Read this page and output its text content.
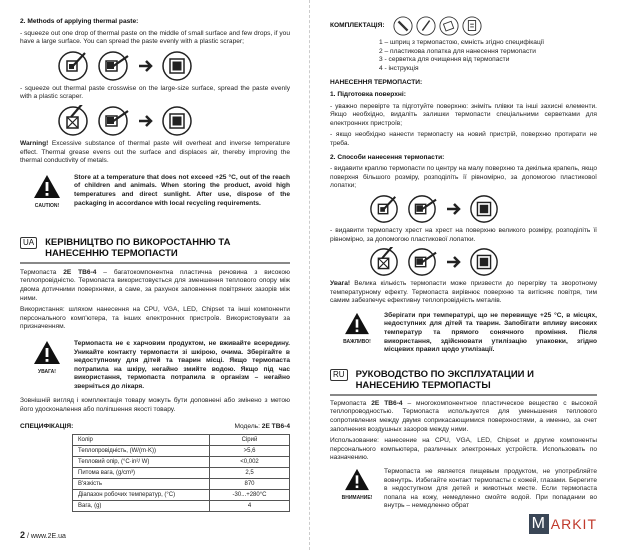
2. Methods of applying thermal paste:
- squeeze out one drop of thermal paste on the middle of small surface and few drops, if you have a large surface. You can spread the paste evenly with a plastic scraper;
- squeeze out thermal paste crosswise on the large-size surface, spread the paste evenly with a plastic scraper.
Warning! Excessive substance of thermal paste will overheat and inverse temperature effect. Thermal grease evens out the surface and displaces air, thereby improving the thermal conductivity of metals.
CAUTION!
Store at a temperature that does not exceed +25 °C, out of the reach of children and animals. When storing the product, avoid high temperatures and direct sunlight. After use, dispose of the packaging in accordance with local recycling requirements.
UA	КЕРІВНИЦТВО ПО ВИКОРОСТАННЮ ТА
НАНЕСЕННЮ ТЕРМОПАСТИ
Термопаста 2E TB6-4 – багатокомпонентна пластична речовина з високою теплопровідністю. Термопаста використовується для зменшення теплового опору між двома дотичними поверхнями, а саме, за рахунок заповнення повітряних зазорів між ними.
Використання: шляхом нанесення на CPU, VGA, LED, Chipset та інші компоненти персонального комп'ютера, та інших електронних пристроїв. Використовувати за призначенням.
УВАГА!
Термопаста не є харчовим продуктом, не вживайте всередину. Уникайте контакту термопасти зі шкірою, очима. Зберігайте в недоступному для дітей та тварин місці. Якщо термопаста потрапила на шкіру, негайно змийте водою. Якщо під час використання, термопаста потрапила в організм – негайно зверніться до лікаря.
Зовнішній вигляд і комплектація товару можуть бути доповнені або змінено з метою його удосконалення або поліпшення якості товару.
СПЕЦИФІКАЦІЯ:	Модель: 2E TB6-4
Колір	Сірий
Теплопровідність, (W/(m·K))	>5,6
Тепловий опір, (°C·in²/ W)	<0,002
Питома вага, (g/cm³)	2,5
В'язкість	870
Діапазон робочих температур, (°C)	-30...+280°C
Вага, (g)	4
2 / www.2E.ua
КОМПЛЕКТАЦІЯ:
1 – шприц з термопастою, ємність згідно специфікації
2 – пластикова лопатка для нанесення термопасти
3 - серветка для очищення від термопасти
4 - інструкція
НАНЕСЕННЯ ТЕРМОПАСТИ:
1. Підготовка поверхні:
- уважно перевірте та підготуйте поверхню: зніміть плівки та інші захисні елементи. Якщо необхідно, видаліть залишки термопасти спеціальними серветками для електронних пристроїв;
- якщо необхідно нанести термопасту на новий пристрій, поверхню протирати не треба.
2. Способи нанесення термопасти:
- видавити краплю термопасти по центру на малу поверхню та декілька крапель, якщо поверхня більшого розміру, розподіліть її рівномірно, за допомогою пластикової лопатки;
- видавити термопасту хрест на хрест на поверхню великого розміру, розподіліть її рівномірно, за допомогою пластикової лопатки.
Увага! Велика кількість термопасти може призвести до перегріву та зворотному температурному ефекту. Термопаста вирівнює поверхню та витісняє повітря, тим самим забезпечує ефективну теплопровідність металів.
ВАЖЛИВО!
Зберігати при температурі, що не перевищує +25 °C, в місцях, недоступних для дітей та тварин. Запобігати впливу високих температур та прямого сонячного проміння. Після використання, здійснювати утилізацію упаковки, згідно місцевих правил щодо утилізації.
RU	РУКОВОДСТВО ПО ЭКСПЛУАТАЦИИ И
НАНЕСЕНИЮ ТЕРМОПАСТЫ
Термопаста 2E TB6-4 – многокомпонентное пластическое вещество с высокой теплопроводностью. Термопаста используется для уменьшения теплового сопротивления между двумя соприкасающимися поверхностями, а именно, за счет заполнения воздушных зазоров между ними.
Использование: нанесение на CPU, VGA, LED, Chipset и другие компоненты персонального компьютера, различных электронных устройств. Использовать по назначению.
ВНИМАНИЕ!
Термопаста не является пищевым продуктом, не употребляйте вовнутрь. Избегайте контакт термопасты с кожей, глазами. Берегите в недоступном для детей и животных месте. Если термопаста попала на кожу, немедленно смойте водой. При попадании во внутрь – немедленно обрат
M ARKIT
